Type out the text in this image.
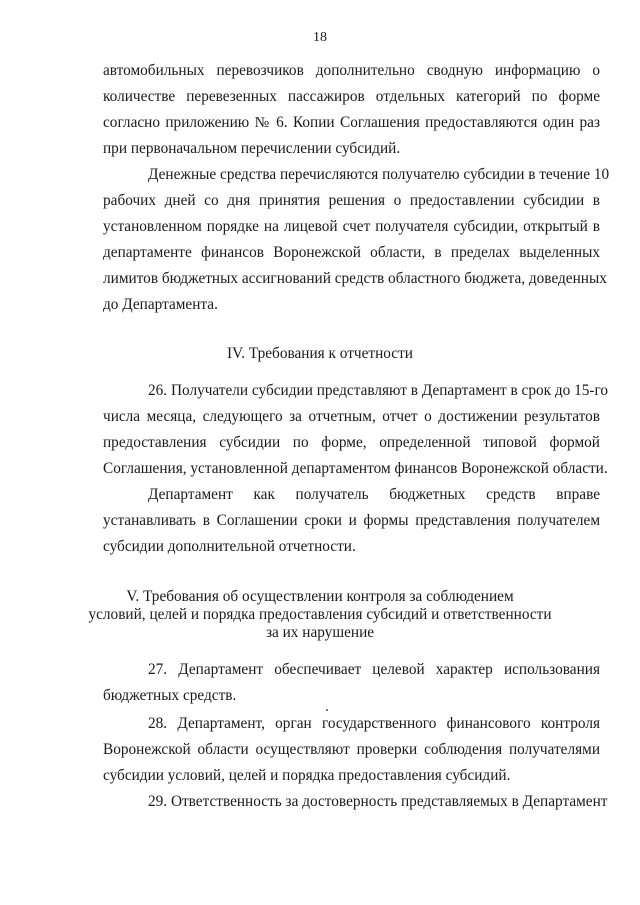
18
автомобильных перевозчиков дополнительно сводную информацию о
количестве перевезенных пассажиров отдельных категорий по форме
согласно приложению № 6. Копии Соглашения предоставляются один раз
при первоначальном перечислении субсидий.
Денежные средства перечисляются получателю субсидии в течение 10
рабочих дней со дня принятия решения о предоставлении субсидии в
установленном порядке на лицевой счет получателя субсидии, открытый в
департаменте финансов Воронежской области, в пределах выделенных
лимитов бюджетных ассигнований средств областного бюджета, доведенных
до Департамента.
IV. Требования к отчетности
26. Получатели субсидии представляют в Департамент в срок до 15-го
числа месяца, следующего за отчетным, отчет о достижении результатов
предоставления субсидии по форме, определенной типовой формой
Соглашения, установленной департаментом финансов Воронежской области.
Департамент как получатель бюджетных средств вправе
устанавливать в Соглашении сроки и формы представления получателем
субсидии дополнительной отчетности.
V. Требования об осуществлении контроля за соблюдением
условий, целей и порядка предоставления субсидий и ответственности
за их нарушение
27. Департамент обеспечивает целевой характер использования
бюджетных средств.
28. Департамент, орган государственного финансового контроля
Воронежской области осуществляют проверки соблюдения получателями
субсидии условий, целей и порядка предоставления субсидий.
29. Ответственность за достоверность представляемых в Департамент
